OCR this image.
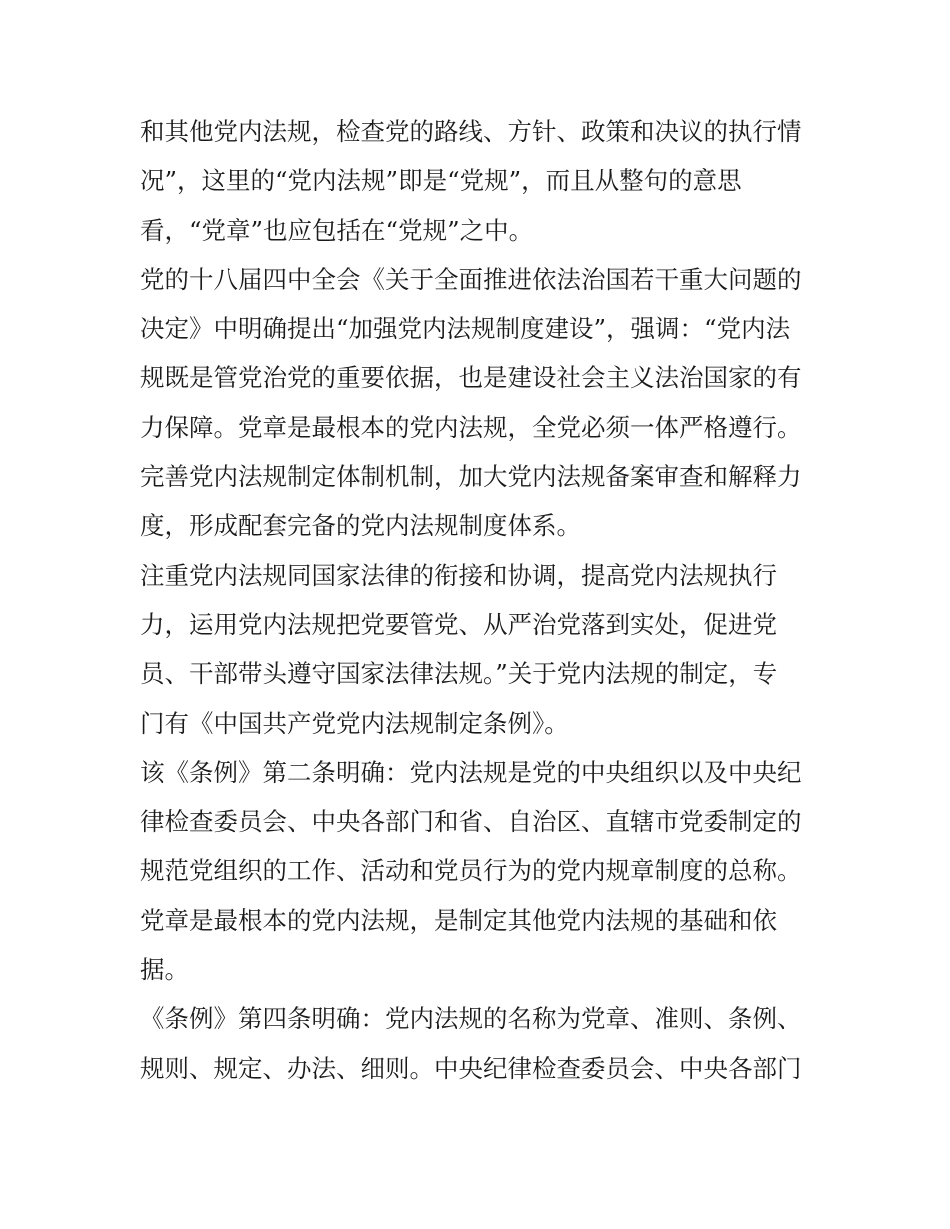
和其他党内法规，检查党的路线、方针、政策和决议的执行情
况”，这里的“党内法规”即是“党规”，而且从整句的意思
看，“党章”也应包括在“党规”之中。
党的十八届四中全会《关于全面推进依法治国若干重大问题的
决定》中明确提出“加强党内法规制度建设”，强调：“党内法
规既是管党治党的重要依据，也是建设社会主义法治国家的有
力保障。党章是最根本的党内法规，全党必须一体严格遵行。
完善党内法规制定体制机制，加大党内法规备案审查和解释力
度，形成配套完备的党内法规制度体系。
注重党内法规同国家法律的衔接和协调，提高党内法规执行
力，运用党内法规把党要管党、从严治党落到实处，促进党
员、干部带头遵守国家法律法规。”关于党内法规的制定，专
门有《中国共产党党内法规制定条例》。
该《条例》第二条明确：党内法规是党的中央组织以及中央纪
律检查委员会、中央各部门和省、自治区、直辖市党委制定的
规范党组织的工作、活动和党员行为的党内规章制度的总称。
党章是最根本的党内法规，是制定其他党内法规的基础和依
据。
《条例》第四条明确：党内法规的名称为党章、准则、条例、
规则、规定、办法、细则。中央纪律检查委员会、中央各部门
